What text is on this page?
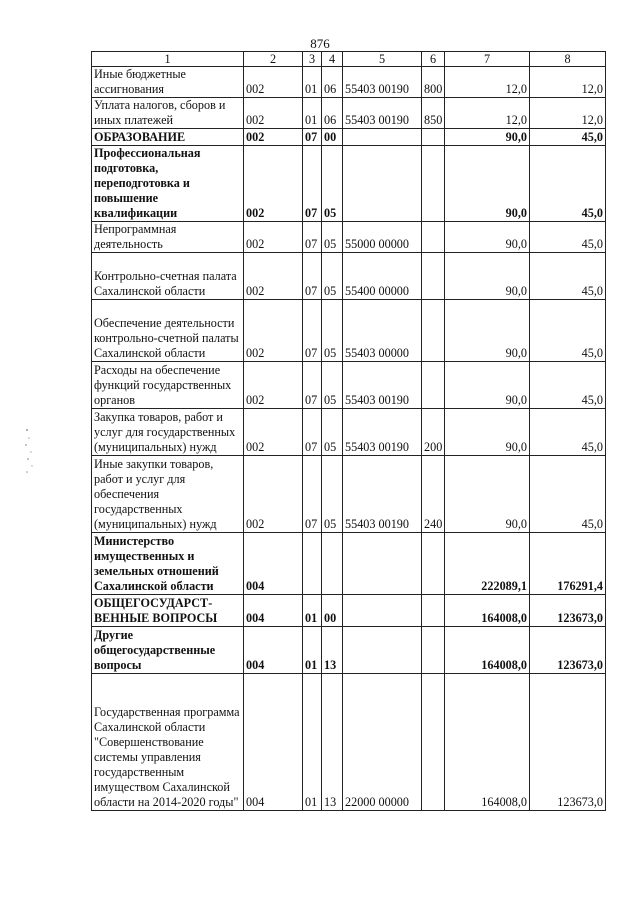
876
1	2	3	4	5	6	7	8
Иные бюджетные ассигнования	002	01	06	55403 00190	800	12,0	12,0
Уплата налогов, сборов и иных платежей	002	01	06	55403 00190	850	12,0	12,0
ОБРАЗОВАНИЕ	002	07	00			90,0	45,0
Профессиональная подготовка, переподготовка и повышение квалификации	002	07	05			90,0	45,0
Непрограммная деятельность	002	07	05	55000 00000		90,0	45,0
Контрольно-счетная палата Сахалинской области	002	07	05	55400 00000		90,0	45,0
Обеспечение деятельности контрольно-счетной палаты Сахалинской области	002	07	05	55403 00000		90,0	45,0
Расходы на обеспечение функций государственных органов	002	07	05	55403 00190		90,0	45,0
Закупка товаров, работ и услуг для государственных (муниципальных) нужд	002	07	05	55403 00190	200	90,0	45,0
Иные закупки товаров, работ и услуг для обеспечения государственных (муниципальных) нужд	002	07	05	55403 00190	240	90,0	45,0
Министерство имущественных и земельных отношений Сахалинской области	004					222089,1	176291,4
ОБЩЕГОСУДАРСТ-ВЕННЫЕ ВОПРОСЫ	004	01	00			164008,0	123673,0
Другие общегосударственные вопросы	004	01	13			164008,0	123673,0
Государственная программа Сахалинской области "Совершенствование системы управления государственным имуществом Сахалинской области на 2014-2020 годы"	004	01	13	22000 00000		164008,0	123673,0
